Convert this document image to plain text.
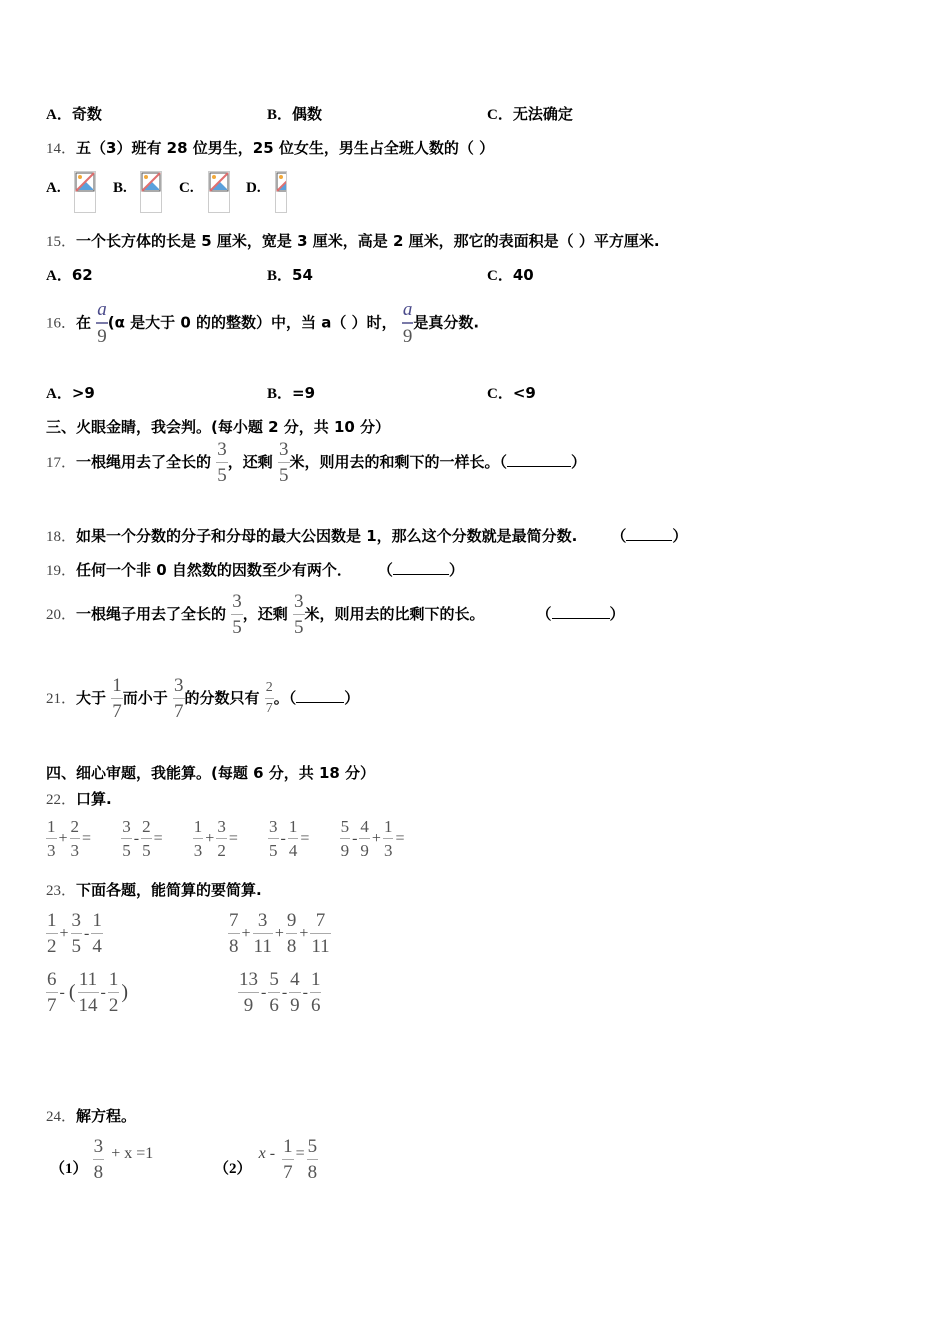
A．奇数	B．偶数	C．无法确定
14．五（3）班有 28 位男生，25 位女生，男生占全班人数的（ ）
A.	B.	C.	D.
15．一个长方体的长是 5 厘米，宽是 3 厘米，高是 2 厘米，那它的表面积是（ ）平方厘米.
A．62	B．54	C．40
16．在 $\frac{a}{9} (\alpha$ 是大于 0 的的整数）中，当 a（ ）时， $\frac{a}{9}$ 是真分数.
A．>9	B．=9	C．<9
三、火眼金睛，我会判。(每小题 2 分，共 10 分）
17．一根绳用去了全长的 $\frac{3}{5}$ ，还剩 $\frac{3}{5}$ 米，则用去的和剩下的一样长。（	）
18．如果一个分数的分子和分母的最大公因数是 1，那么这个分数就是最简分数. （	）
19．任何一个非 0 自然数的因数至少有两个． （	）
20．一根绳子用去了全长的 $\frac{3}{5}$ ，还剩 $\frac{3}{5}$ 米，则用去的比剩下的长。	（	）
21．大于 $\frac{1}{7}$ 而小于 $\frac{3}{7}$ 的分数只有 $\frac{2}{7}$ 。（	）
四、细心审题，我能算。(每题 6 分，共 18 分）
22．口算.
$\frac{1}{3} + \frac{2}{3} = \frac{3}{5} - \frac{2}{5} = \frac{1}{3} + \frac{3}{2} = \frac{3}{5} - \frac{1}{4} = \frac{5}{9} - \frac{4}{9} + \frac{1}{3}$ =
23．下面各题，能简算的要简算.
$\frac{1}{2} + \frac{3}{5} - \frac{1}{4}$	$\frac{7}{8} + \frac{3}{11} + \frac{9}{8} + \frac{7}{11}$
$\frac{6}{7}$ - ( $\frac{11}{14} - \frac{1}{2}$ )	$\frac{13}{9} - \frac{5}{6} - \frac{4}{9} - \frac{1}{6}$
24．解方程。
$(1) \frac{3}{8} + x =1$
（2） $x - \frac{1}{7} = \frac{5}{8}$
